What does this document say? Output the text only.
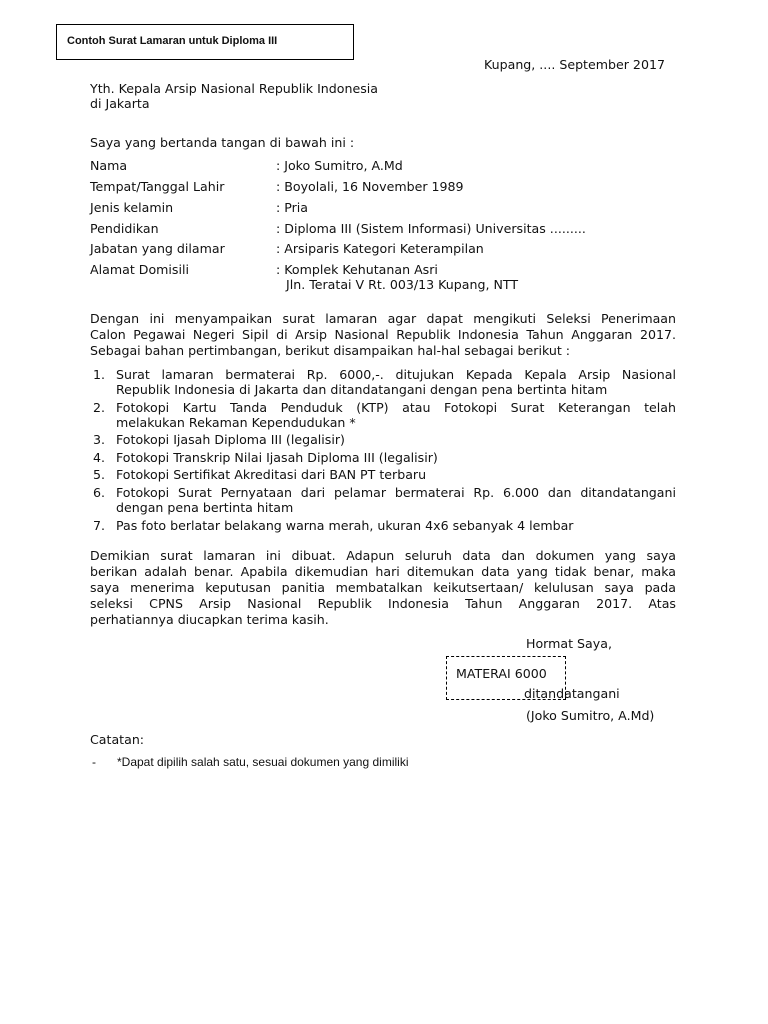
Contoh Surat Lamaran untuk Diploma III
Kupang, .... September 2017
Yth. Kepala Arsip Nasional Republik Indonesia
di Jakarta
Saya yang bertanda tangan di bawah ini :
Nama	: Joko Sumitro, A.Md
Tempat/Tanggal Lahir	: Boyolali, 16 November 1989
Jenis kelamin	: Pria
Pendidikan	: Diploma III (Sistem Informasi) Universitas .........
Jabatan yang dilamar	: Arsiparis Kategori Keterampilan
Alamat Domisili	: Komplek Kehutanan Asri
Jln. Teratai V Rt. 003/13 Kupang, NTT
Dengan ini menyampaikan surat lamaran agar dapat mengikuti Seleksi Penerimaan
Calon Pegawai Negeri Sipil di Arsip Nasional Republik Indonesia Tahun Anggaran 2017.
Sebagai bahan pertimbangan, berikut disampaikan hal-hal sebagai berikut :
1. Surat lamaran bermaterai Rp. 6000,-. ditujukan Kepada Kepala Arsip Nasional
Republik Indonesia di Jakarta dan ditandatangani dengan pena bertinta hitam
2. Fotokopi Kartu Tanda Penduduk (KTP) atau Fotokopi Surat Keterangan telah
melakukan Rekaman Kependudukan *
3. Fotokopi Ijasah Diploma III (legalisir)
4. Fotokopi Transkrip Nilai Ijasah Diploma III (legalisir)
5. Fotokopi Sertifikat Akreditasi dari BAN PT terbaru
6. Fotokopi Surat Pernyataan dari pelamar bermaterai Rp. 6.000 dan ditandatangani
dengan pena bertinta hitam
7. Pas foto berlatar belakang warna merah, ukuran 4x6 sebanyak 4 lembar
Demikian surat lamaran ini dibuat. Adapun seluruh data dan dokumen yang saya
berikan adalah benar. Apabila dikemudian hari ditemukan data yang tidak benar, maka
saya menerima keputusan panitia membatalkan keikutsertaan/ kelulusan saya pada
seleksi CPNS Arsip Nasional Republik Indonesia Tahun Anggaran 2017. Atas
perhatiannya diucapkan terima kasih.
Hormat Saya,
MATERAI 6000
ditandatangani
(Joko Sumitro, A.Md)
Catatan:
- *Dapat dipilih salah satu, sesuai dokumen yang dimiliki
